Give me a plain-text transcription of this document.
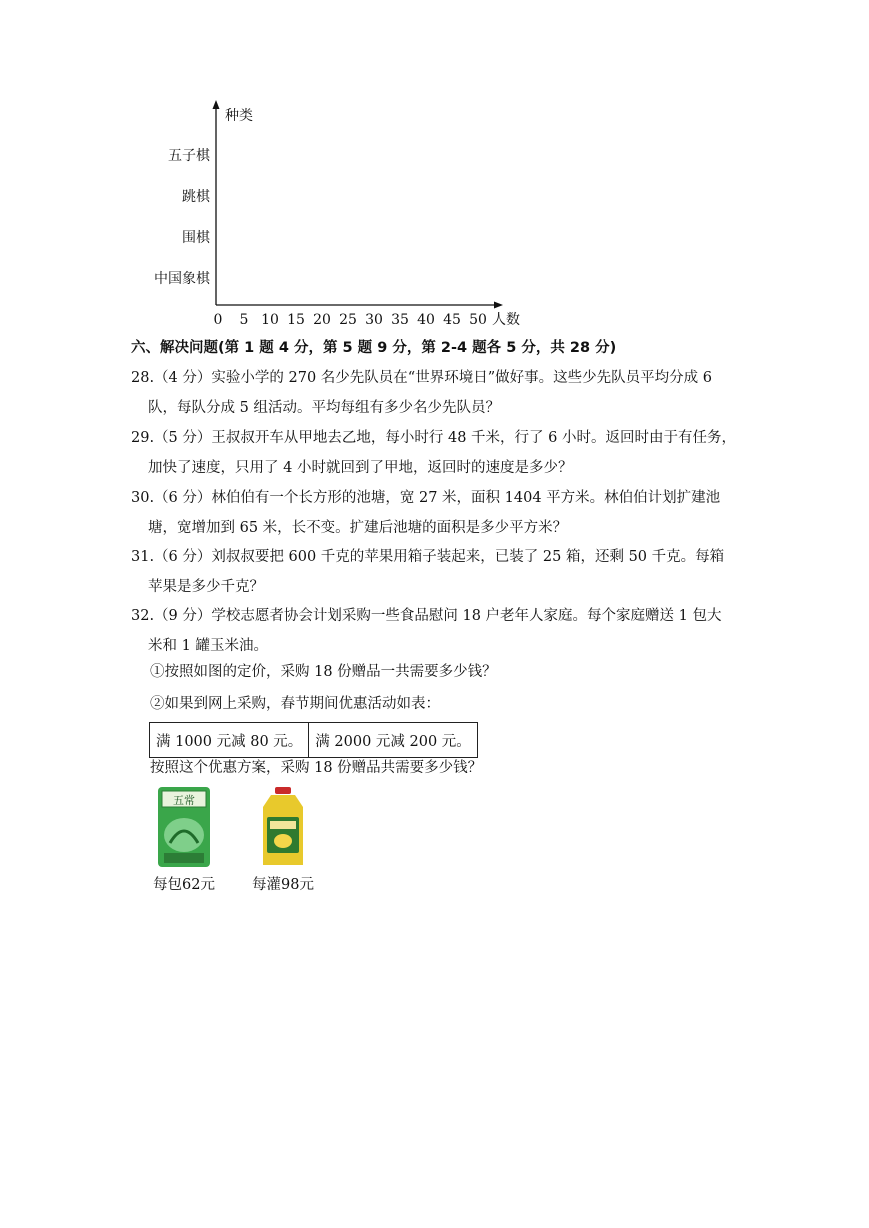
种类
人数
五子棋
跳棋
围棋
中国象棋
0 5 10 15 20 25 30 35 40 45 50
六、解决问题(第 1 题 4 分，第 5 题 9 分，第 2-4 题各 5 分，共 28 分)
28.（4 分）实验小学的 270 名少先队员在“世界环境日”做好事。这些少先队员平均分成 6
队，每队分成 5 组活动。平均每组有多少名少先队员？
29.（5 分）王叔叔开车从甲地去乙地，每小时行 48 千米，行了 6 小时。返回时由于有任务，
加快了速度，只用了 4 小时就回到了甲地，返回时的速度是多少？
30.（6 分）林伯伯有一个长方形的池塘，宽 27 米，面积 1404 平方米。林伯伯计划扩建池
塘，宽增加到 65 米，长不变。扩建后池塘的面积是多少平方米？
31.（6 分）刘叔叔要把 600 千克的苹果用箱子装起来，已装了 25 箱，还剩 50 千克。每箱
苹果是多少千克？
32.（9 分）学校志愿者协会计划采购一些食品慰问 18 户老年人家庭。每个家庭赠送 1 包大
米和 1 罐玉米油。
①按照如图的定价，采购 18 份赠品一共需要多少钱？
②如果到网上采购，春节期间优惠活动如表：
满 1000 元减 80 元。	满 2000 元减 200 元。
按照这个优惠方案，采购 18 份赠品共需要多少钱？
五常
每包62元	每灌98元
